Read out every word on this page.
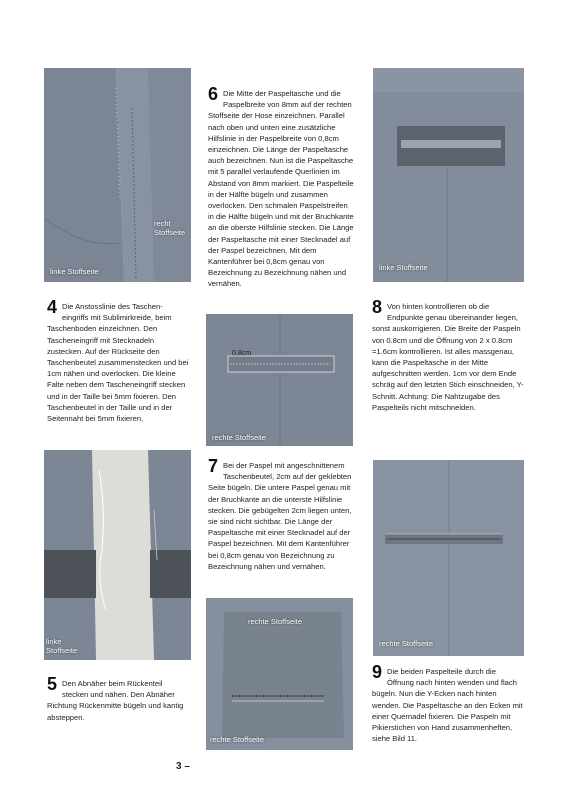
recht
Stoffseite
linke Stoffseite
0,8cm
rechte Stoffseite
linke Stoffseite
linke
Stoffseite
rechte Stoffseite
rechte Stoffseite
rechte Stoffseite
4 Die Anstosslinie des Taschen-eingriffs mit Sublimirkreide, beim Taschenboden einzeichnen. Den Tascheneingriff mit Stecknadeln zustecken. Auf der Rückseite den Taschenbeutel zusammenstecken und bei 1cm nähen und overlocken. Die kleine Falte neben dem Tascheneingriff stecken und in der Taille bei 5mm fixieren. Den Taschenbeutel in der Taille und in der Seitennaht bei 5mm fixieren.
5 Den Abnäher beim Rückenteil stecken und nähen. Den Abnäher Richtung Rückenmitte bügeln und kantig absteppen.
6 Die Mitte der Paspeltasche und die Paspelbreite von 8mm auf der rechten Stoffseite der Hose einzeichnen. Parallel nach oben und unten eine zusätzliche Hilfslinie in der Paspelbreite von 0,8cm einzeichnen. Die Länge der Paspeltasche auch bezeichnen. Nun ist die Paspeltasche mit 5 parallel verlaufende Querlinien im Abstand von 8mm markiert. Die Paspelteile in der Hälfte bügeln und zusammen overlocken. Den schmalen Paspelstreifen in die Hälfte bügeln und mit der Bruchkante an die oberste Hilfslinie stecken. Die Länge der Paspeltasche mit einer Stecknadel auf der Paspel bezeichnen. Mit dem Kantenführer bei 0,8cm genau von Bezeichnung zu Bezeichnung nähen und vernähen.
7 Bei der Paspel mit angeschnittenem Taschenbeutel, 2cm auf der geklebten Seite bügeln. Die untere Paspel genau mit der Bruchkante an die unterste Hilfslinie stecken. Die gebügelten 2cm liegen unten, sie sind nicht sichtbar. Die Länge der Paspeltasche mit einer Stecknadel auf der Paspel bezeichnen. Mit dem Kantenführer bei 0,8cm genau von Bezeichnung zu Bezeichnung nähen und vernähen.
8 Von hinten kontrollieren ob die Endpunkte genau übereinander liegen, sonst auskorrigieren. Die Breite der Paspeln von 0.8cm und die Öffnung von 2 x 0.8cm =1.6cm kontrollieren. Ist alles massgenau, kann die Paspeltasche in der Mitte aufgeschnitten werden. 1cm vor dem Ende schräg auf den letzten Stich einschneiden, Y-Schnitt. Achtung: Die Nahtzugabe des Paspelteils nicht mitschneiden.
9 Die beiden Paspelteile durch die Öffnung nach hinten wenden und flach bügeln. Nun die Y-Ecken nach hinten wenden. Die Paspeltasche an den Ecken mit einer Quernadel fixieren. Die Paspeln mit Pikierstichen von Hand zusammenheften, siehe Bild 11.
3 –
